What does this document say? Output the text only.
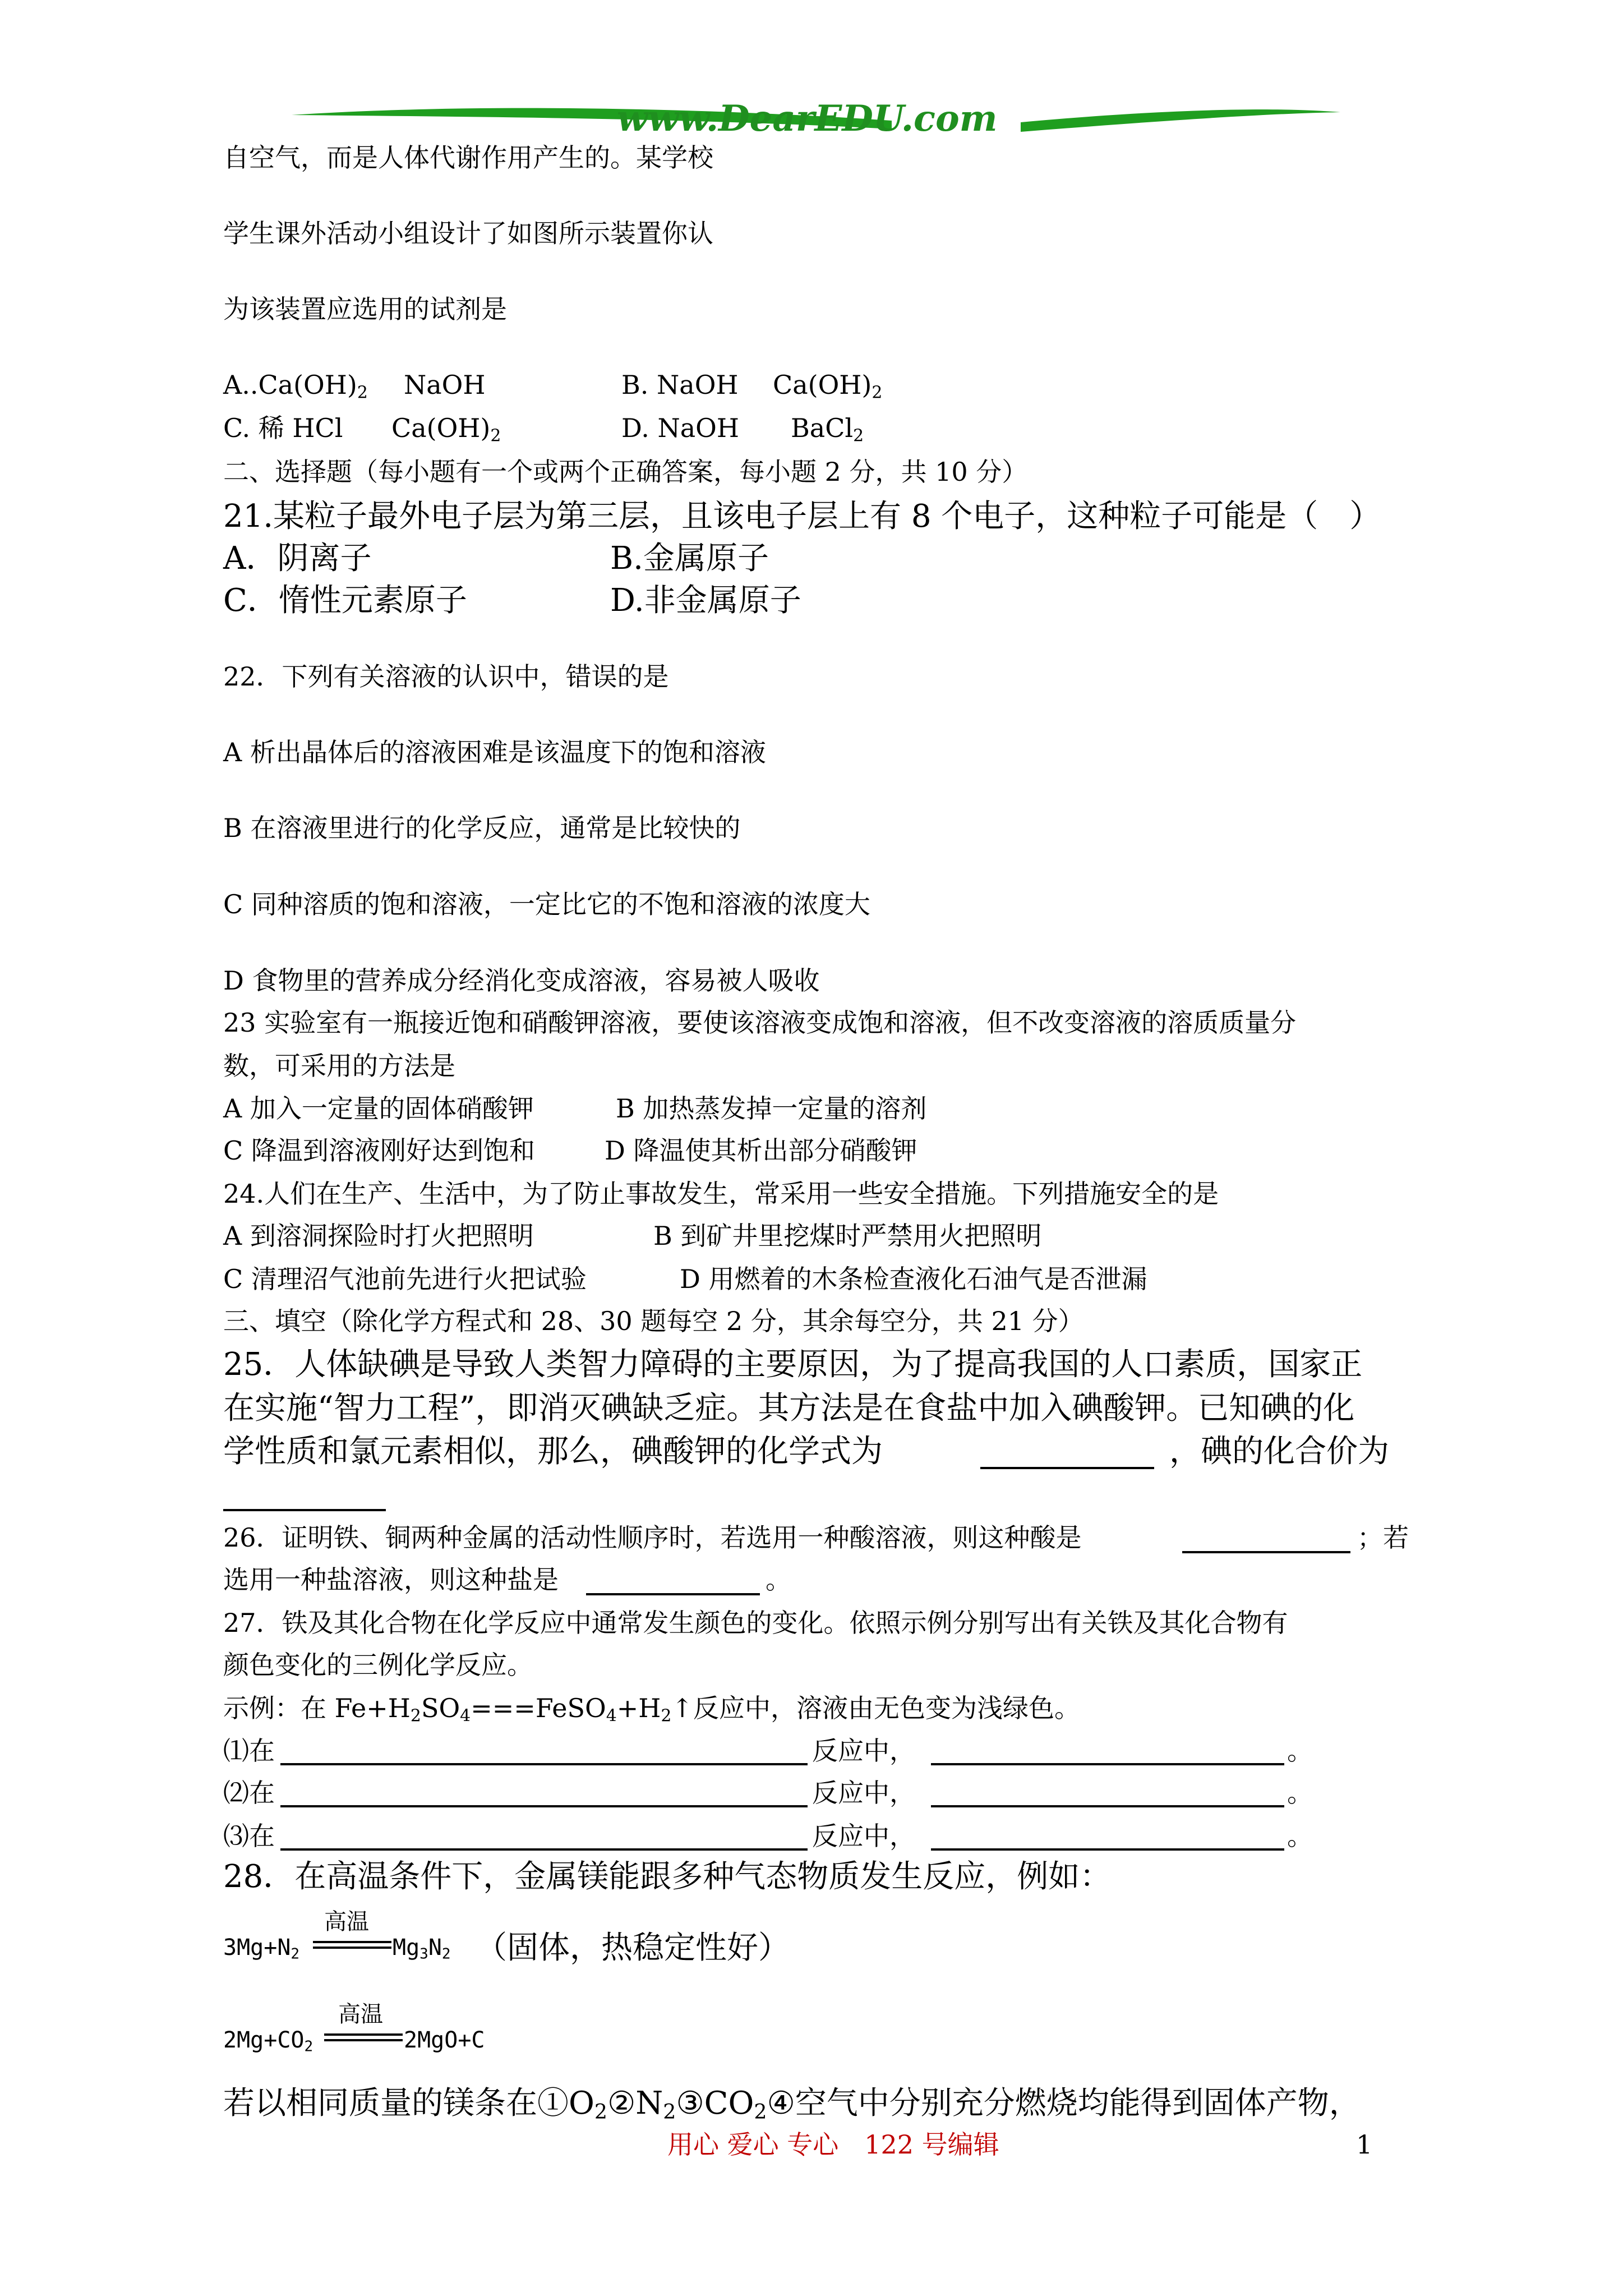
www.DearEDU.com
自空气，而是人体代谢作用产生的。某学校
学生课外活动小组设计了如图所示装置你认
为该装置应选用的试剂是
$A..Ca(OH)_2$ NaOH	B. NaOH $Ca(OH)_2$
C. 稀 HCl $Ca(OH)_2$	D. NaOH BaCl$_2$
二、选择题（每小题有一个或两个正确答案，每小题 2 分，共 10 分）
21.某粒子最外电子层为第三层，且该电子层上有 8 个电子，这种粒子可能是（　）
A．阴离子	B.金属原子
C．惰性元素原子	D.非金属原子
22．下列有关溶液的认识中，错误的是
A 析出晶体后的溶液困难是该温度下的饱和溶液
B 在溶液里进行的化学反应，通常是比较快的
C 同种溶质的饱和溶液，一定比它的不饱和溶液的浓度大
D 食物里的营养成分经消化变成溶液，容易被人吸收
23 实验室有一瓶接近饱和硝酸钾溶液，要使该溶液变成饱和溶液，但不改变溶液的溶质质量分
数，可采用的方法是
A 加入一定量的固体硝酸钾	B 加热蒸发掉一定量的溶剂
C 降温到溶液刚好达到饱和	D 降温使其析出部分硝酸钾
24.人们在生产、生活中，为了防止事故发生，常采用一些安全措施。下列措施安全的是
A 到溶洞探险时打火把照明	B 到矿井里挖煤时严禁用火把照明
C 清理沼气池前先进行火把试验	D 用燃着的木条检查液化石油气是否泄漏
三、填空（除化学方程式和 28、30 题每空 2 分，其余每空分，共 21 分）
25．人体缺碘是导致人类智力障碍的主要原因，为了提高我国的人口素质，国家正
在实施“智力工程”，即消灭碘缺乏症。其方法是在食盐中加入碘酸钾。已知碘的化
学性质和氯元素相似，那么，碘酸钾的化学式为	，碘的化合价为
26．证明铁、铜两种金属的活动性顺序时，若选用一种酸溶液，则这种酸是	；若
选用一种盐溶液，则这种盐是	。
27．铁及其化合物在化学反应中通常发生颜色的变化。依照示例分别写出有关铁及其化合物有
颜色变化的三例化学反应。
示例：在 $Fe+H_2SO_4===FeSO_4+H_2↑$反应中，溶液由无色变为浅绿色。
⑴在	反应中，	。
⑵在	反应中，	。
⑶在	反应中，	。
28．在高温条件下，金属镁能跟多种气态物质发生反应，例如：
$3Mg+N_2$
高温
$Mg_3N_2$ （固体，热稳定性好）
$2Mg+CO_2$
高温
2MgO+C
若以相同质量的镁条在$①O_2②N_2③CO_2④$空气中分别充分燃烧均能得到固体产物，
用心 爱心 专心　122 号编辑	1
